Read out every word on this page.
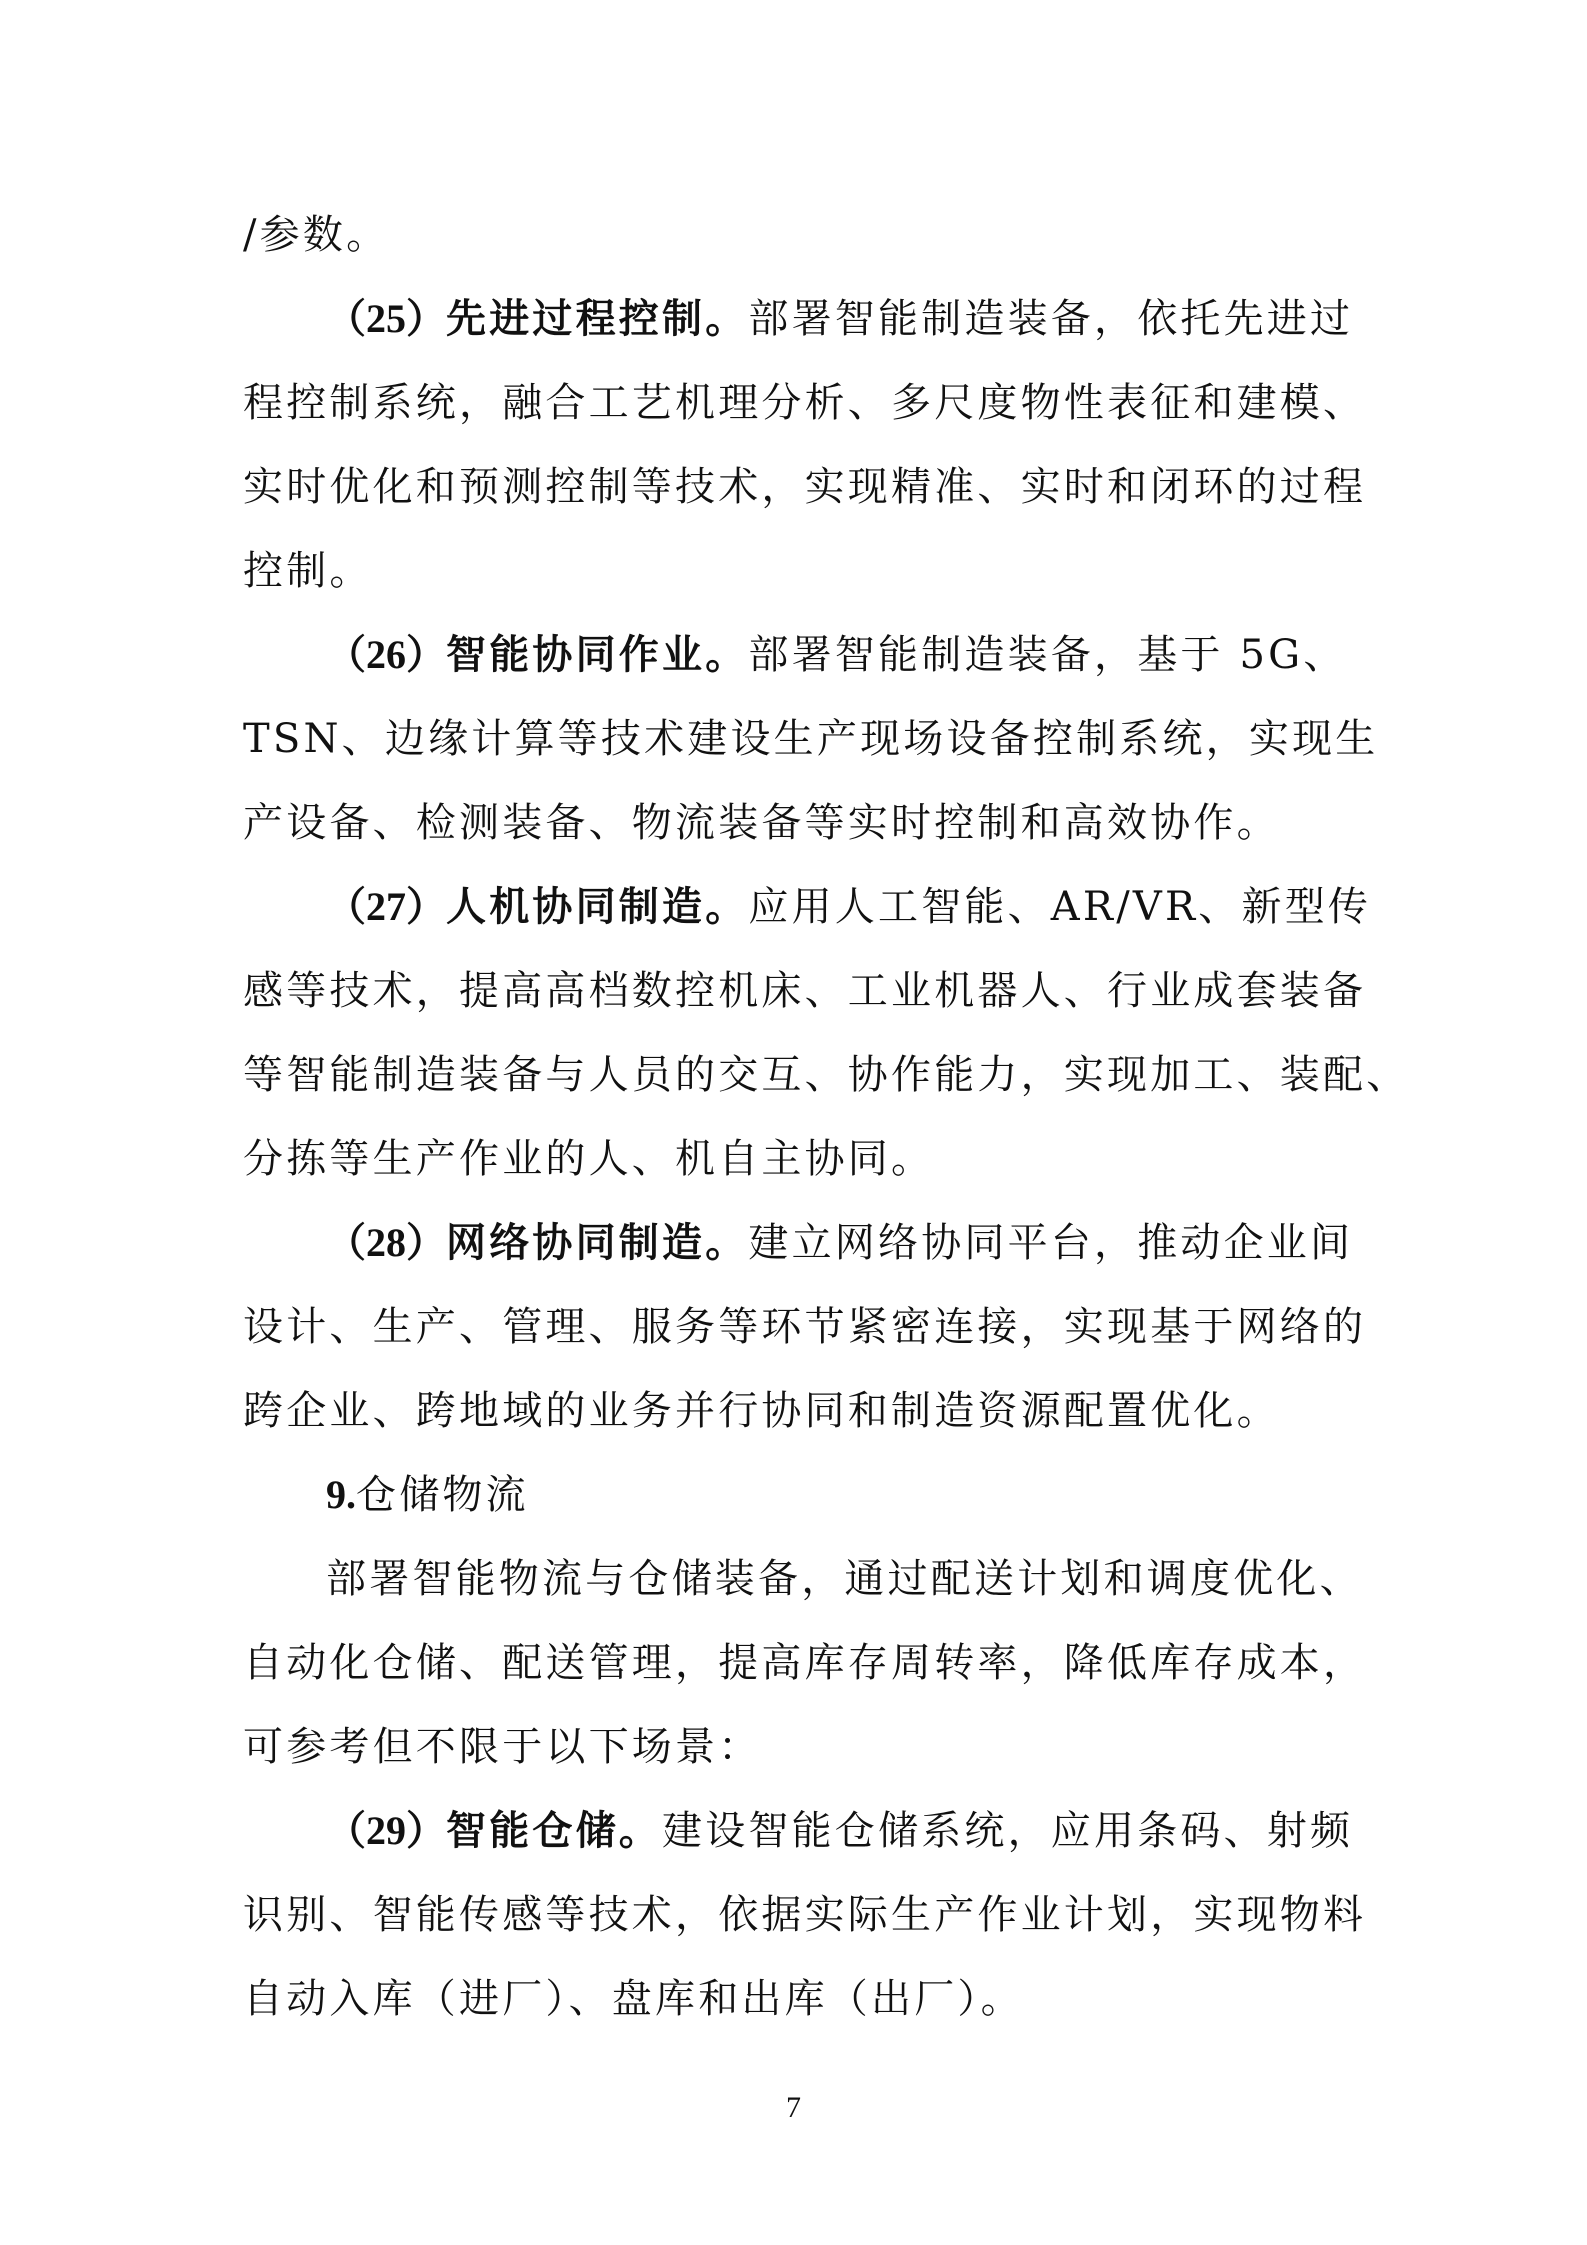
/参数。
（25）先进过程控制。部署智能制造装备，依托先进过
程控制系统，融合工艺机理分析、多尺度物性表征和建模、
实时优化和预测控制等技术，实现精准、实时和闭环的过程
控制。
（26）智能协同作业。部署智能制造装备，基于 5G、
TSN、边缘计算等技术建设生产现场设备控制系统，实现生
产设备、检测装备、物流装备等实时控制和高效协作。
（27）人机协同制造。应用人工智能、AR/VR、新型传
感等技术，提高高档数控机床、工业机器人、行业成套装备
等智能制造装备与人员的交互、协作能力，实现加工、装配、
分拣等生产作业的人、机自主协同。
（28）网络协同制造。建立网络协同平台，推动企业间
设计、生产、管理、服务等环节紧密连接，实现基于网络的
跨企业、跨地域的业务并行协同和制造资源配置优化。
9.仓储物流
部署智能物流与仓储装备，通过配送计划和调度优化、
自动化仓储、配送管理，提高库存周转率，降低库存成本，
可参考但不限于以下场景：
（29）智能仓储。建设智能仓储系统，应用条码、射频
识别、智能传感等技术，依据实际生产作业计划，实现物料
自动入库（进厂）、盘库和出库（出厂）。
7
